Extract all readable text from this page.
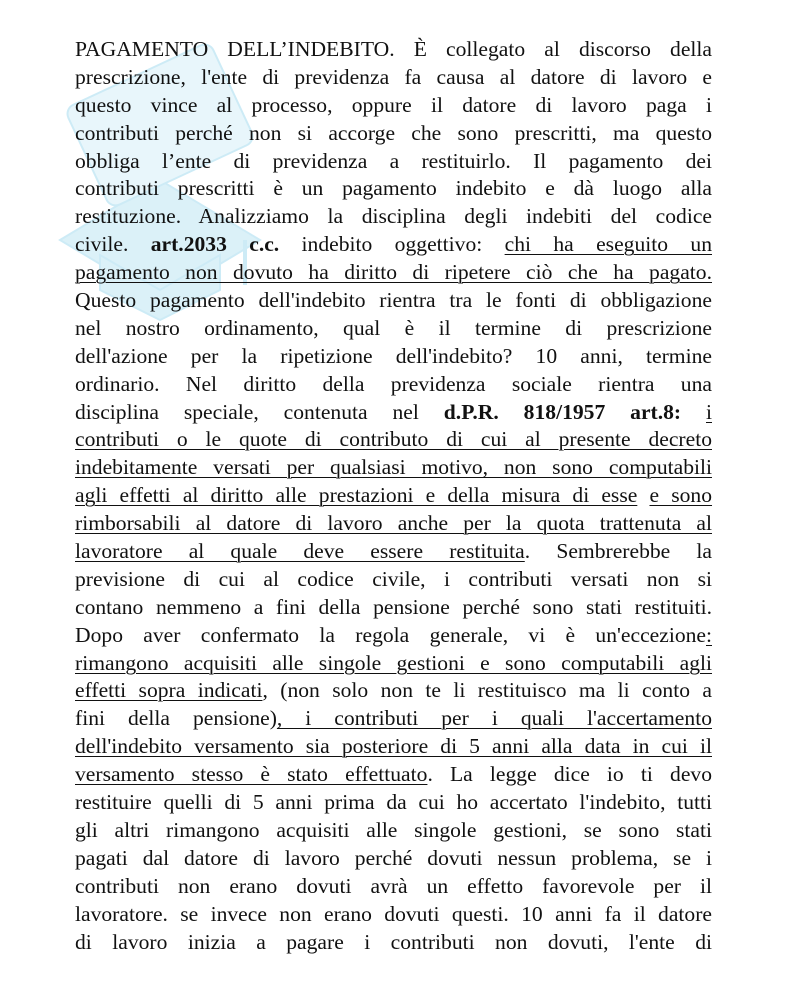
PAGAMENTO DELL’INDEBITO. È collegato al discorso della
prescrizione, l'ente di previdenza fa causa al datore di lavoro e
questo vince al processo, oppure il datore di lavoro paga i
contributi perché non si accorge che sono prescritti, ma questo
obbliga l’ente di previdenza a restituirlo. Il pagamento dei
contributi prescritti è un pagamento indebito e dà luogo alla
restituzione. Analizziamo la disciplina degli indebiti del codice
civile. art.2033 c.c. indebito oggettivo: chi ha eseguito un
pagamento non dovuto ha diritto di ripetere ciò che ha pagato.
Questo pagamento dell'indebito rientra tra le fonti di obbligazione
nel nostro ordinamento, qual è il termine di prescrizione
dell'azione per la ripetizione dell'indebito? 10 anni, termine
ordinario. Nel diritto della previdenza sociale rientra una
disciplina speciale, contenuta nel d.P.R. 818/1957 art.8: i
contributi o le quote di contributo di cui al presente decreto
indebitamente versati per qualsiasi motivo, non sono computabili
agli effetti al diritto alle prestazioni e della misura di esse e sono
rimborsabili al datore di lavoro anche per la quota trattenuta al
lavoratore al quale deve essere restituita. Sembrerebbe la
previsione di cui al codice civile, i contributi versati non si
contano nemmeno a fini della pensione perché sono stati restituiti.
Dopo aver confermato la regola generale, vi è un'eccezione:
rimangono acquisiti alle singole gestioni e sono computabili agli
effetti sopra indicati, (non solo non te li restituisco ma li conto a
fini della pensione), i contributi per i quali l'accertamento
dell'indebito versamento sia posteriore di 5 anni alla data in cui il
versamento stesso è stato effettuato. La legge dice io ti devo
restituire quelli di 5 anni prima da cui ho accertato l'indebito, tutti
gli altri rimangono acquisiti alle singole gestioni, se sono stati
pagati dal datore di lavoro perché dovuti nessun problema, se i
contributi non erano dovuti avrà un effetto favorevole per il
lavoratore. se invece non erano dovuti questi. 10 anni fa il datore
di lavoro inizia a pagare i contributi non dovuti, l'ente di
